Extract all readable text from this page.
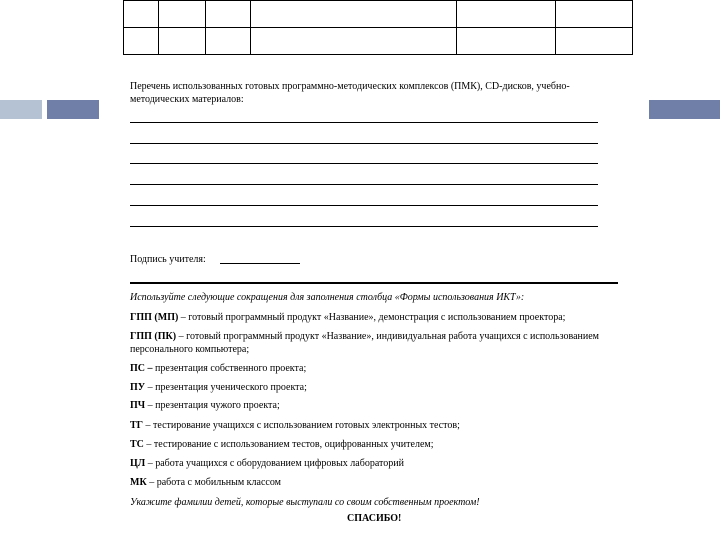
Перечень использованных готовых программно-методических комплексов (ПМК), CD-дисков, учебно-методических материалов:
Подпись учителя:
Используйте следующие сокращения для заполнения столбца «Формы использования ИКТ»:
ГПП (МП) – готовый программный продукт «Название», демонстрация с использованием проектора;
ГПП (ПК) – готовый программный продукт «Название», индивидуальная работа учащихся с использованием персонального компьютера;
ПС – презентация собственного проекта;
ПУ – презентация ученического проекта;
ПЧ – презентация чужого проекта;
ТГ – тестирование учащихся с использованием готовых электронных тестов;
ТС – тестирование с использованием тестов, оцифрованных учителем;
ЦЛ – работа учащихся с оборудованием цифровых лабораторий
МК – работа с мобильным классом
Укажите фамилии детей, которые выступали со своим собственным проектом!
СПАСИБО!
